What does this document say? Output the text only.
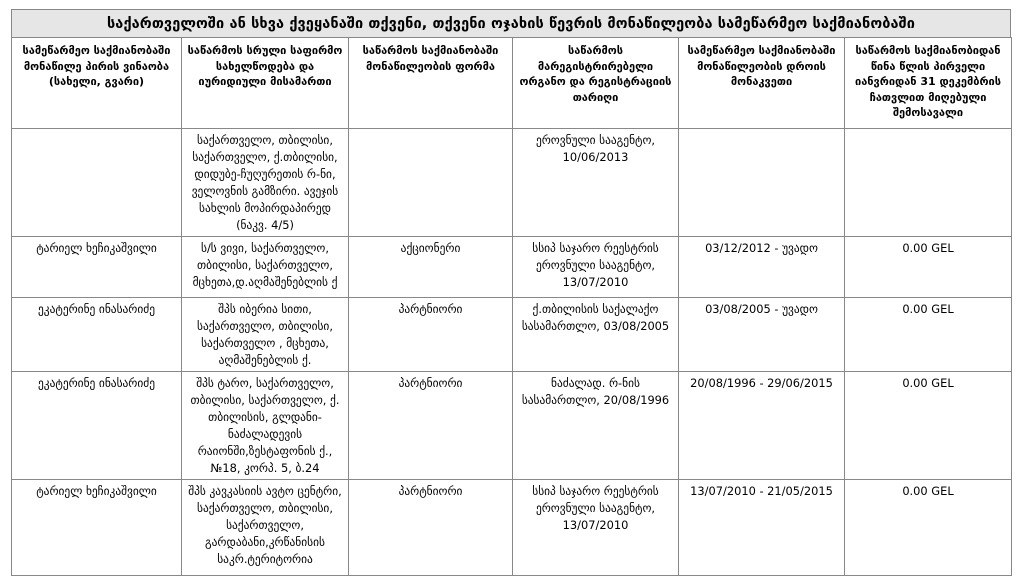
საქართველოში ან სხვა ქვეყანაში თქვენი, თქვენი ოჯახის წევრის მონაწილეობა სამეწარმეო საქმიანობაში
სამეწარმეო საქმიანობაში მონაწილე პირის ვინაობა (სახელი, გვარი)	საწარმოს სრული საფირმო სახელწოდება და იურიდიული მისამართი	საწარმოს საქმიანობაში მონაწილეობის ფორმა	საწარმოს მარეგისტრირებელი ორგანო და რეგისტრაციის თარიღი	სამეწარმეო საქმიანობაში მონაწილეობის დროის მონაკვეთი	საწარმოს საქმიანობიდან წინა წლის პირველი იანვრიდან 31 დეკემბრის ჩათვლით მიღებული შემოსავალი
	საქართველო, თბილისი, საქართველო, ქ.თბილისი, დიდუბე-ჩუღურეთის რ-ნი, ველოვნის გამზირი. ავეჯის სახლის მოპირდაპირედ (ნაკვ. 4/5)		ეროვნული სააგენტო, 10/06/2013		
ტარიელ ხეჩიკაშვილი	ს/ს ვივი, საქართველო, თბილისი, საქართველო, მცხეთა,დ.აღმაშენებლის ქ	აქციონერი	სსიპ საჯარო რეესტრის ეროვნული სააგენტო, 13/07/2010	03/12/2012 - უვადო	0.00 GEL
ეკატერინე ინასარიძე	შპს იბერია სითი, საქართველო, თბილისი, საქართველო , მცხეთა, აღმაშენებლის ქ.	პარტნიორი	ქ.თბილისის საქალაქო სასამართლო, 03/08/2005	03/08/2005 - უვადო	0.00 GEL
ეკატერინე ინასარიძე	შპს ტარო, საქართველო, თბილისი, საქართველო, ქ. თბილისის, გლდანი-ნაძალადევის რაიონში,ზესტაფონის ქ., №18, კორპ. 5, ბ.24	პარტნიორი	ნაძალად. რ-ნის სასამართლო, 20/08/1996	20/08/1996 - 29/06/2015	0.00 GEL
ტარიელ ხეჩიკაშვილი	შპს კავკასიის ავტო ცენტრი, საქართველო, თბილისი, საქართველო, გარდაბანი,კრწანისის საკრ.ტერიტორია	პარტნიორი	სსიპ საჯარო რეესტრის ეროვნული სააგენტო, 13/07/2010	13/07/2010 - 21/05/2015	0.00 GEL
